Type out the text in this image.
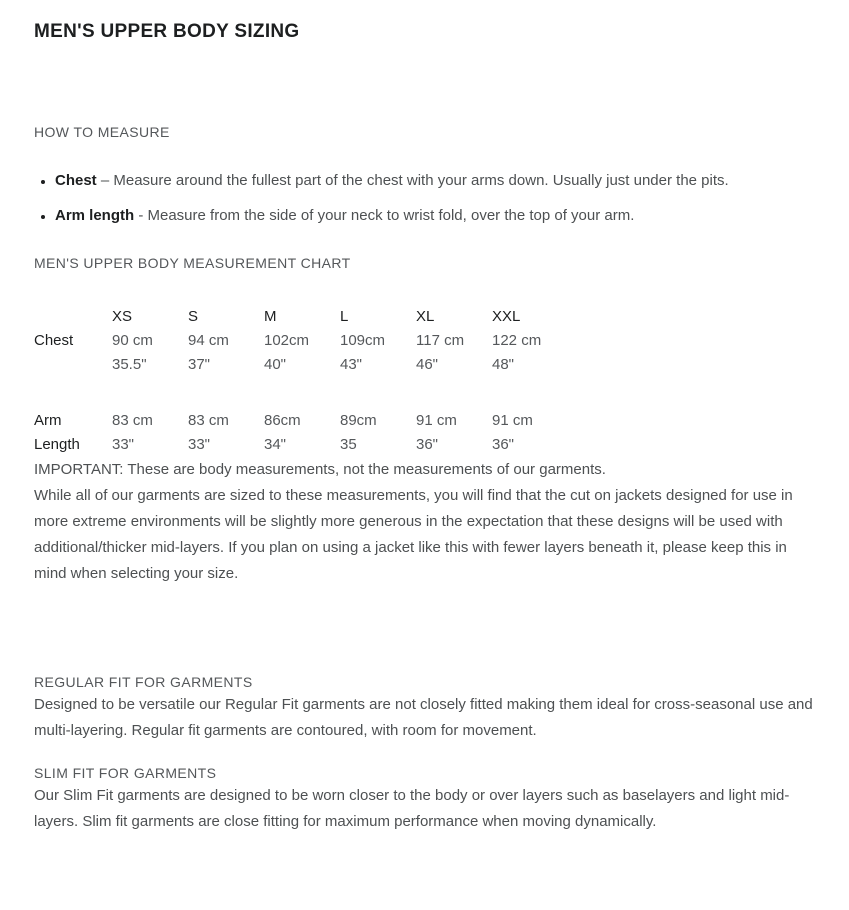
MEN'S UPPER BODY SIZING
HOW TO MEASURE
• Chest – Measure around the fullest part of the chest with your arms down. Usually just under the pits.
• Arm length - Measure from the side of your neck to wrist fold, over the top of your arm.
MEN'S UPPER BODY MEASUREMENT CHART
	XS	S	M	L	XL	XXL
Chest	90 cm	94 cm	102cm	109cm	117 cm	122 cm
	35.5"	37"	40"	43"	46"	48"

Arm	83 cm	83 cm	86cm	89cm	91 cm	91 cm
Length	33"	33"	34"	35	36"	36"

IMPORTANT: These are body measurements, not the measurements of our garments.

While all of our garments are sized to these measurements, you will find that the cut on jackets designed for use in more extreme environments will be slightly more generous in the expectation that these designs will be used with additional/thicker mid-layers. If you plan on using a jacket like this with fewer layers beneath it, please keep this in mind when selecting your size.

REGULAR FIT FOR GARMENTS

Designed to be versatile our Regular Fit garments are not closely fitted making them ideal for cross-seasonal use and multi-layering. Regular fit garments are contoured, with room for movement.

SLIM FIT FOR GARMENTS

Our Slim Fit garments are designed to be worn closer to the body or over layers such as baselayers and light mid-layers. Slim fit garments are close fitting for maximum performance when moving dynamically.
